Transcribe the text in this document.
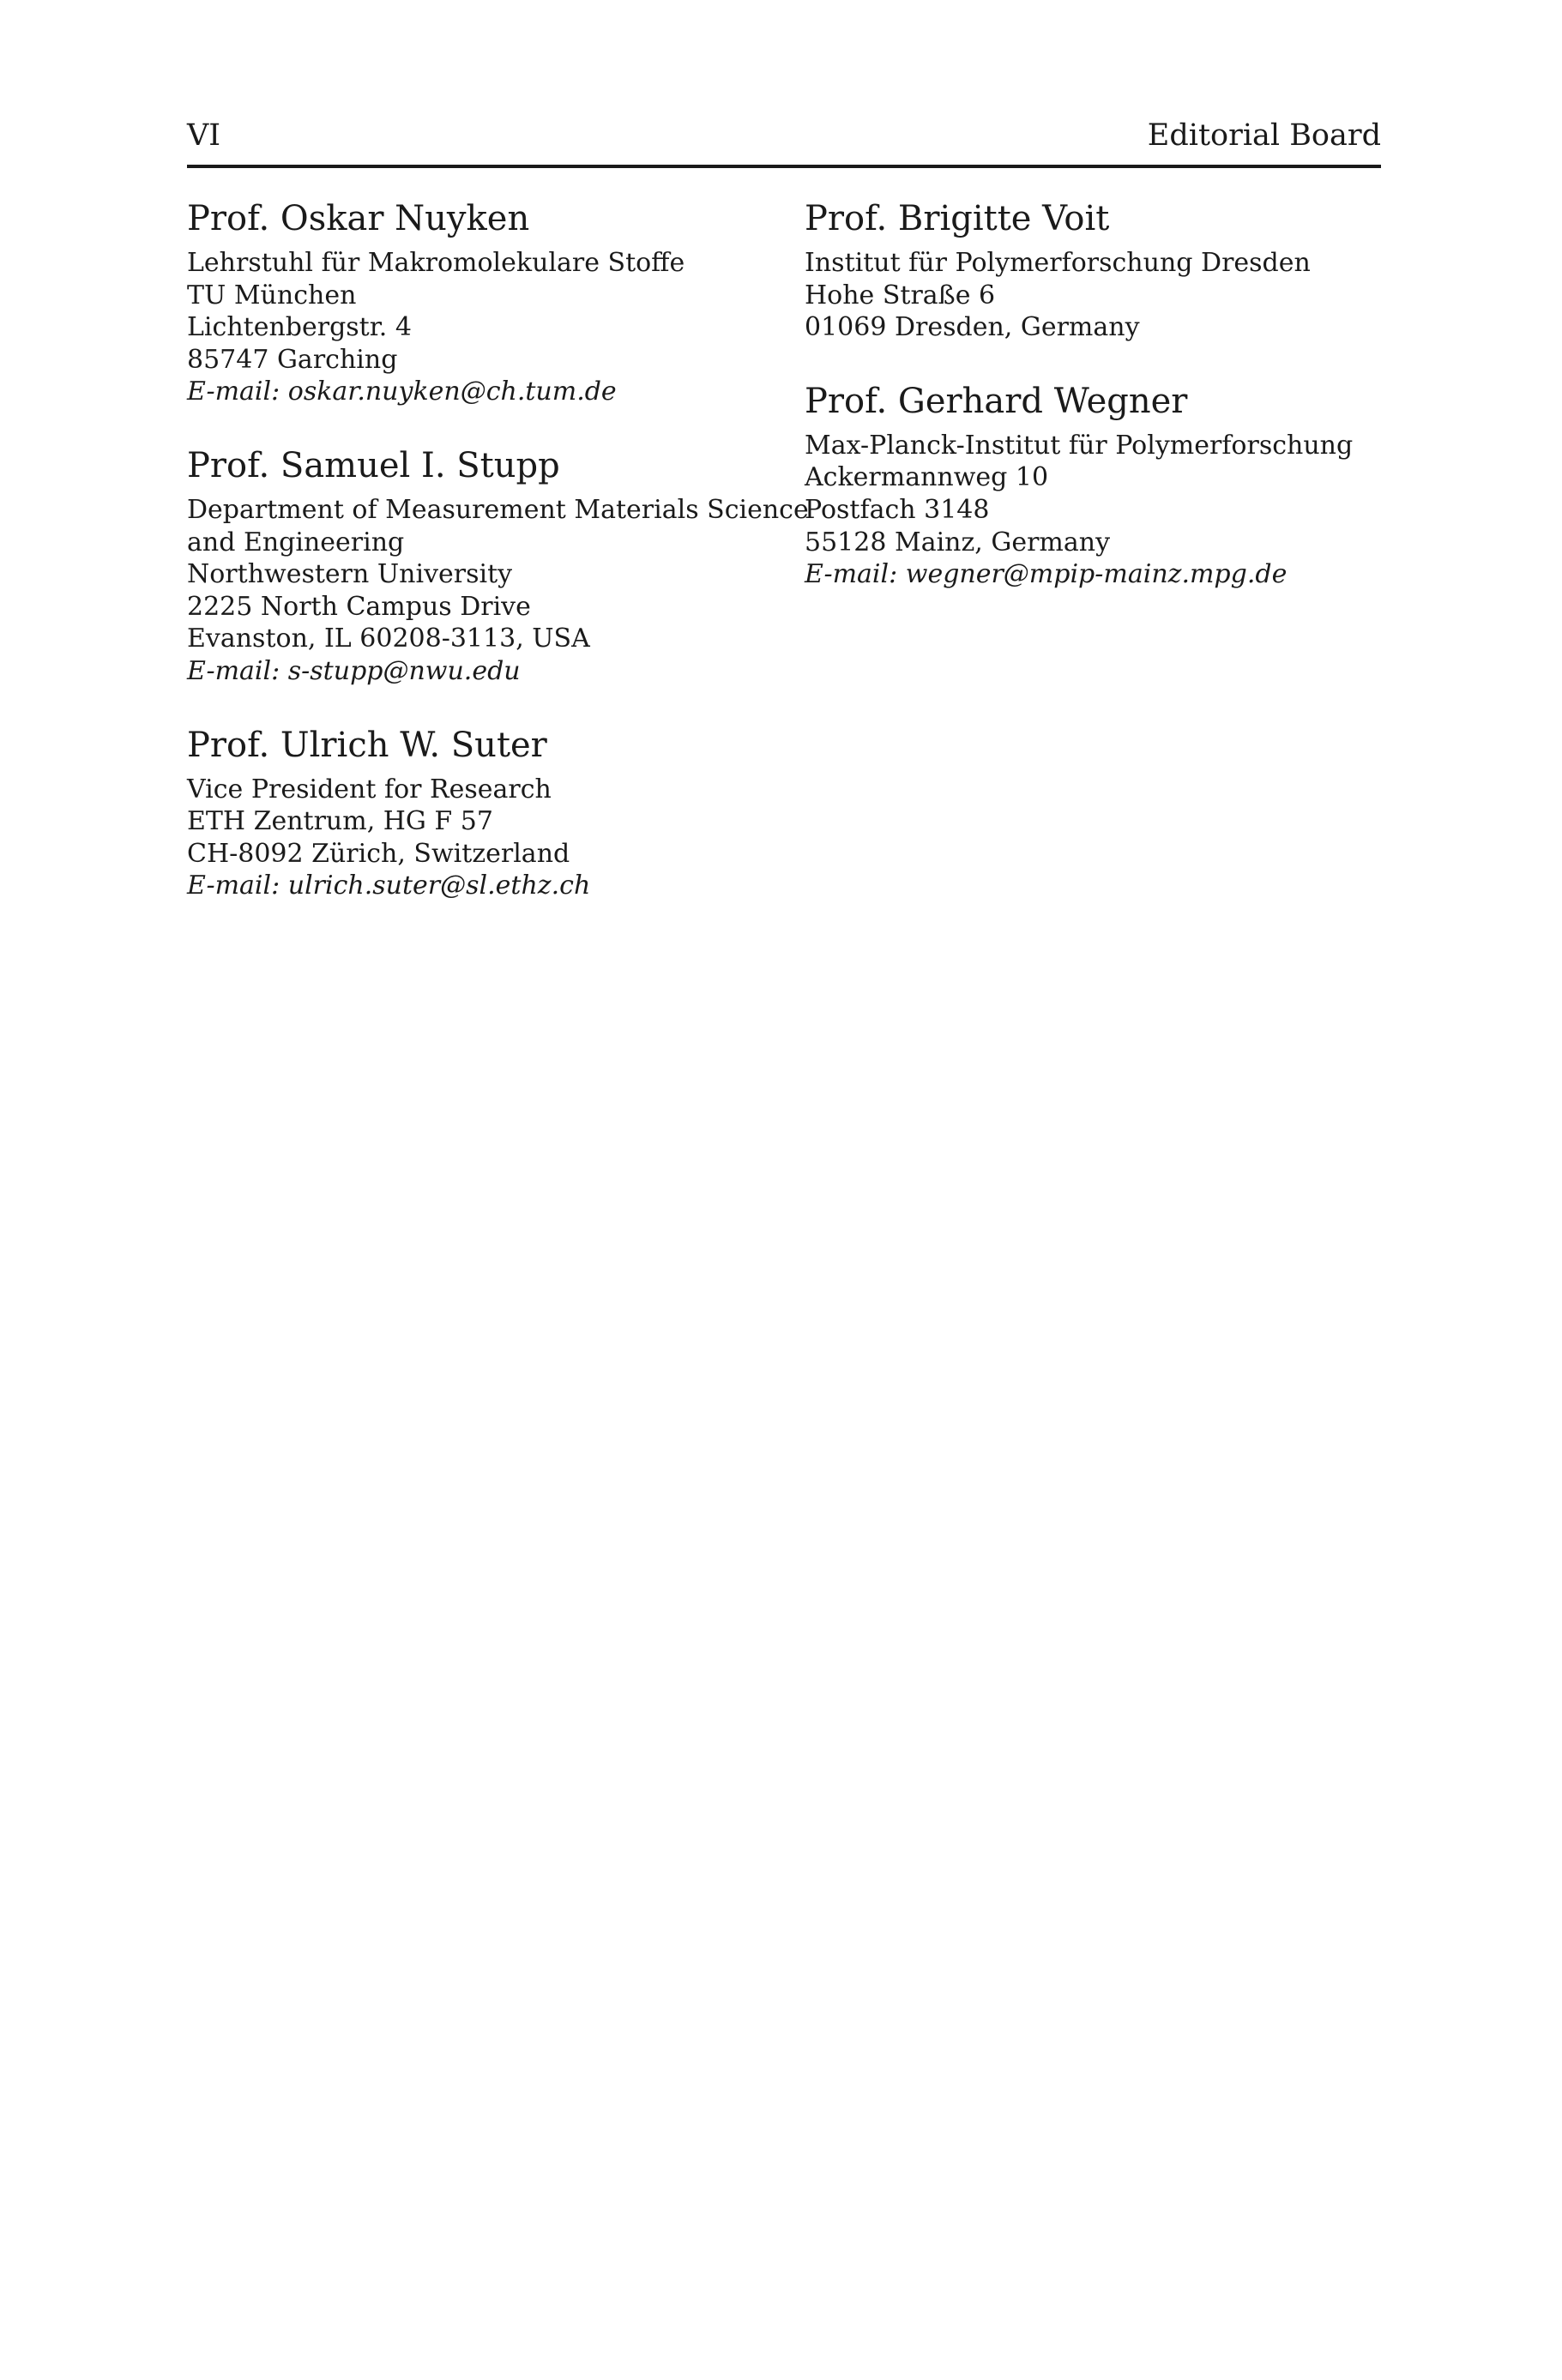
VI	Editorial Board
Prof. Oskar Nuyken
Lehrstuhl für Makromolekulare Stoffe
TU München
Lichtenbergstr. 4
85747 Garching
E-mail: oskar.nuyken@ch.tum.de
Prof. Samuel I. Stupp
Department of Measurement Materials Science
and Engineering
Northwestern University
2225 North Campus Drive
Evanston, IL 60208-3113, USA
E-mail: s-stupp@nwu.edu
Prof. Ulrich W. Suter
Vice President for Research
ETH Zentrum, HG F 57
CH-8092 Zürich, Switzerland
E-mail: ulrich.suter@sl.ethz.ch
Prof. Brigitte Voit
Institut für Polymerforschung Dresden
Hohe Straße 6
01069 Dresden, Germany
Prof. Gerhard Wegner
Max-Planck-Institut für Polymerforschung
Ackermannweg 10
Postfach 3148
55128 Mainz, Germany
E-mail: wegner@mpip-mainz.mpg.de
